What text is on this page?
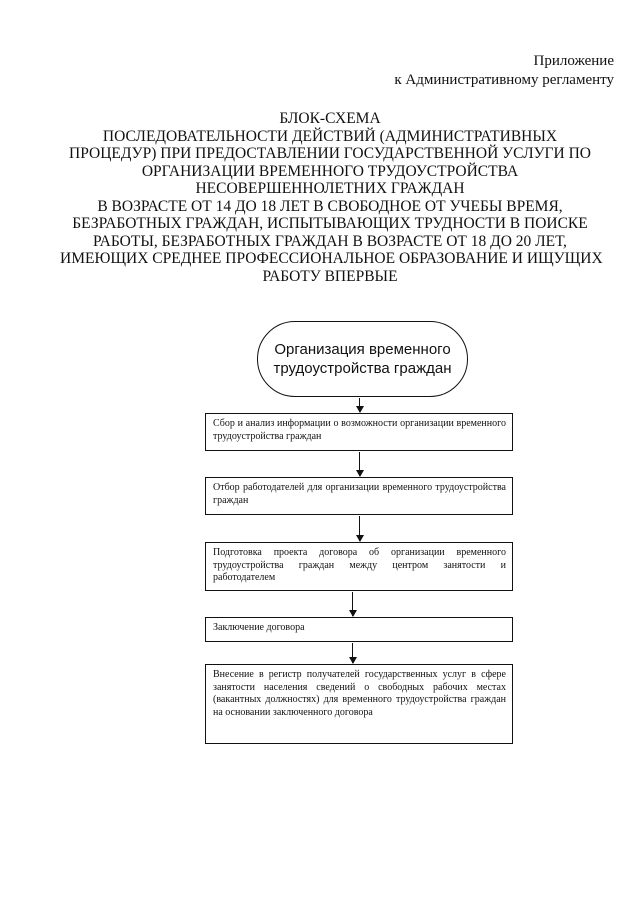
Приложение
к Административному регламенту
БЛОК-СХЕМА
ПОСЛЕДОВАТЕЛЬНОСТИ ДЕЙСТВИЙ (АДМИНИСТРАТИВНЫХ
ПРОЦЕДУР) ПРИ ПРЕДОСТАВЛЕНИИ ГОСУДАРСТВЕННОЙ УСЛУГИ ПО
ОРГАНИЗАЦИИ ВРЕМЕННОГО ТРУДОУСТРОЙСТВА
НЕСОВЕРШЕННОЛЕТНИХ ГРАЖДАН
В ВОЗРАСТЕ ОТ 14 ДО 18 ЛЕТ В СВОБОДНОЕ ОТ УЧЕБЫ ВРЕМЯ,
БЕЗРАБОТНЫХ ГРАЖДАН, ИСПЫТЫВАЮЩИХ ТРУДНОСТИ В ПОИСКЕ
РАБОТЫ, БЕЗРАБОТНЫХ ГРАЖДАН В ВОЗРАСТЕ ОТ 18 ДО 20 ЛЕТ,
ИМЕЮЩИХ СРЕДНЕЕ ПРОФЕССИОНАЛЬНОЕ ОБРАЗОВАНИЕ И ИЩУЩИХ
РАБОТУ ВПЕРВЫЕ
Организация временного трудоустройства граждан
Сбор и анализ информации о возможности организации временного трудоустройства граждан
Отбор работодателей для организации временного трудоустройства граждан
Подготовка проекта договора об организации временного трудоустройства граждан между центром занятости и работодателем
Заключение договора
Внесение в регистр получателей государственных услуг в сфере занятости населения сведений о свободных рабочих местах (вакантных должностях) для временного трудоустройства граждан на основании заключенного договора
